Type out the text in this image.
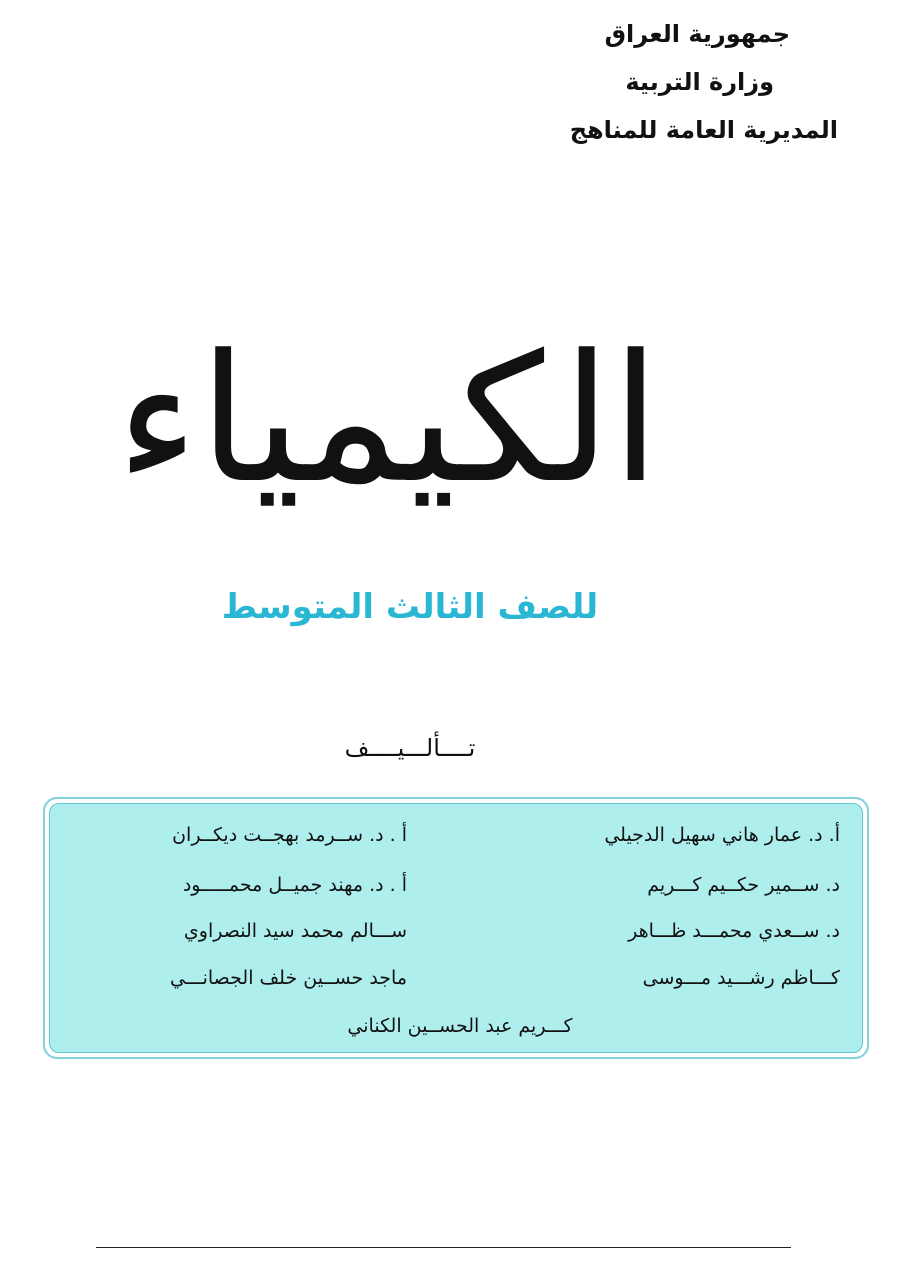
جمهورية العراق
وزارة التربية
المديرية العامة للمناهج
الكيمياء
للصف الثالث المتوسط
تــــألـــيــــف
أ. د. عمار هاني سهيل الدجيلي
أ . د. ســرمد بهجــت ديكــران
د. ســمير حكــيم كـــريم
أ . د. مهند جميــل محمـــــود
د. ســعدي محمـــد ظـــاهر
ســـالم محمد سيد النصراوي
كـــاظم رشـــيد مـــوسى
ماجد حســين خلف الجصانـــي
كـــريم عبد الحســين الكناني
